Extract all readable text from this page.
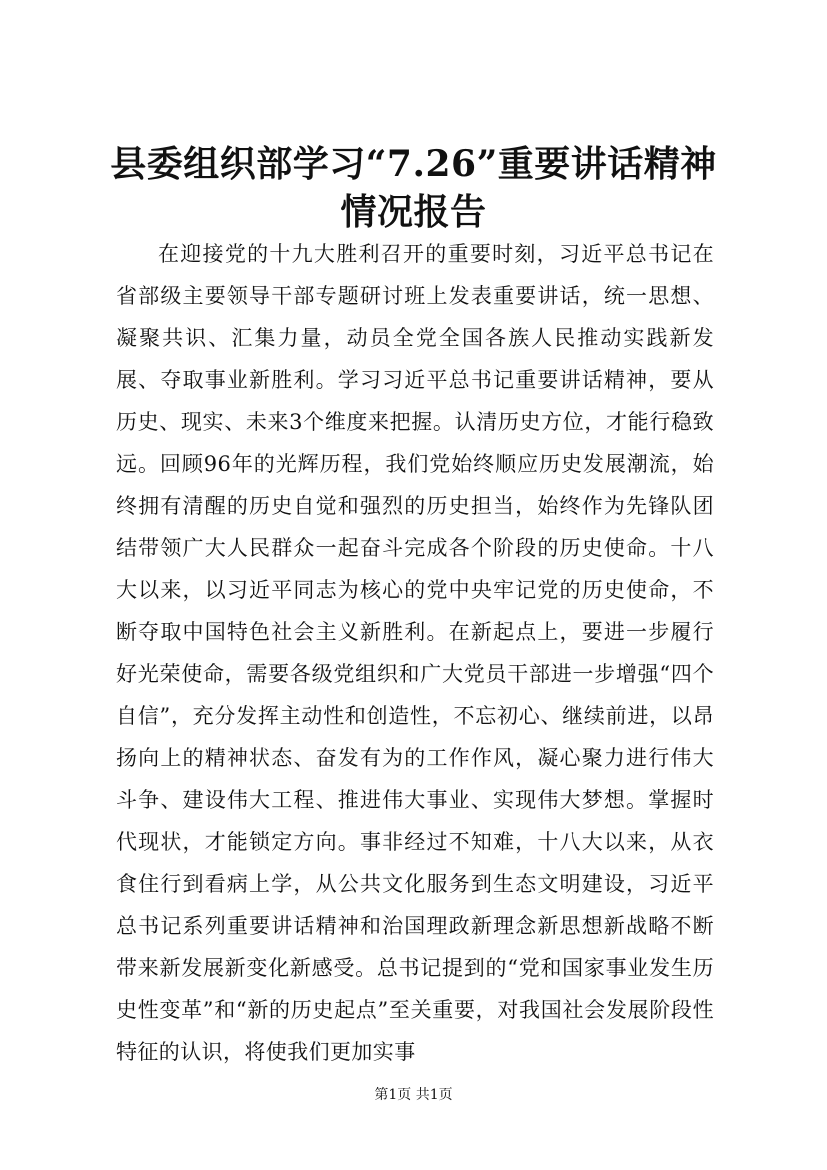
县委组织部学习“7.26”重要讲话精神情况报告

在迎接党的十九大胜利召开的重要时刻，习近平总书记在省部级主要领导干部专题研讨班上发表重要讲话，统一思想、凝聚共识、汇集力量，动员全党全国各族人民推动实践新发展、夺取事业新胜利。学习习近平总书记重要讲话精神，要从历史、现实、未来3个维度来把握。认清历史方位，才能行稳致远。回顾96年的光辉历程，我们党始终顺应历史发展潮流，始终拥有清醒的历史自觉和强烈的历史担当，始终作为先锋队团结带领广大人民群众一起奋斗完成各个阶段的历史使命。十八大以来，以习近平同志为核心的党中央牢记党的历史使命，不断夺取中国特色社会主义新胜利。在新起点上，要进一步履行好光荣使命，需要各级党组织和广大党员干部进一步增强“四个自信”，充分发挥主动性和创造性，不忘初心、继续前进，以昂扬向上的精神状态、奋发有为的工作作风，凝心聚力进行伟大斗争、建设伟大工程、推进伟大事业、实现伟大梦想。掌握时代现状，才能锁定方向。事非经过不知难，十八大以来，从衣食住行到看病上学，从公共文化服务到生态文明建设，习近平总书记系列重要讲话精神和治国理政新理念新思想新战略不断带来新发展新变化新感受。总书记提到的“党和国家事业发生历史性变革”和“新的历史起点”至关重要，对我国社会发展阶段性特征的认识，将使我们更加实事

第1页 共1页
